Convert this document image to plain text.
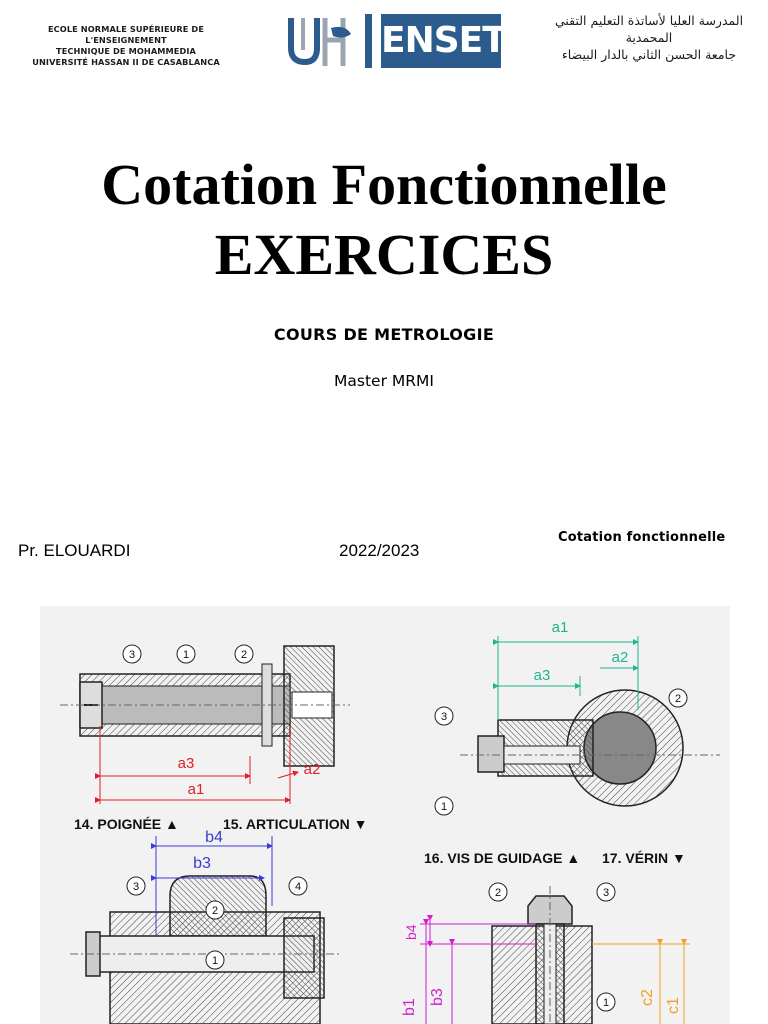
ECOLE NORMALE SUPÉRIEURE DE L'ENSEIGNEMENT
TECHNIQUE DE MOHAMMEDIA
UNIVERSITÉ HASSAN II DE CASABLANCA
ENSET	المدرسة العليا لأساتذة التعليم التقني
المحمدية
جامعة الحسن الثاني بالدار البيضاء
Cotation Fonctionnelle
EXERCICES
COURS DE METROLOGIE
Master MRMI
Pr. ELOUARDI	2022/2023
Cotation fonctionnelle
3	1	2
a3
a1
a2
14. POIGNÉE ▲
3
2
1
a1
a2
a3
15. ARTICULATION ▼
3
2
4
1
b4
b3	16. VIS DE GUIDAGE ▲
2	3
1
b4
b1
b3	c2 c1
17. VÉRIN ▼
